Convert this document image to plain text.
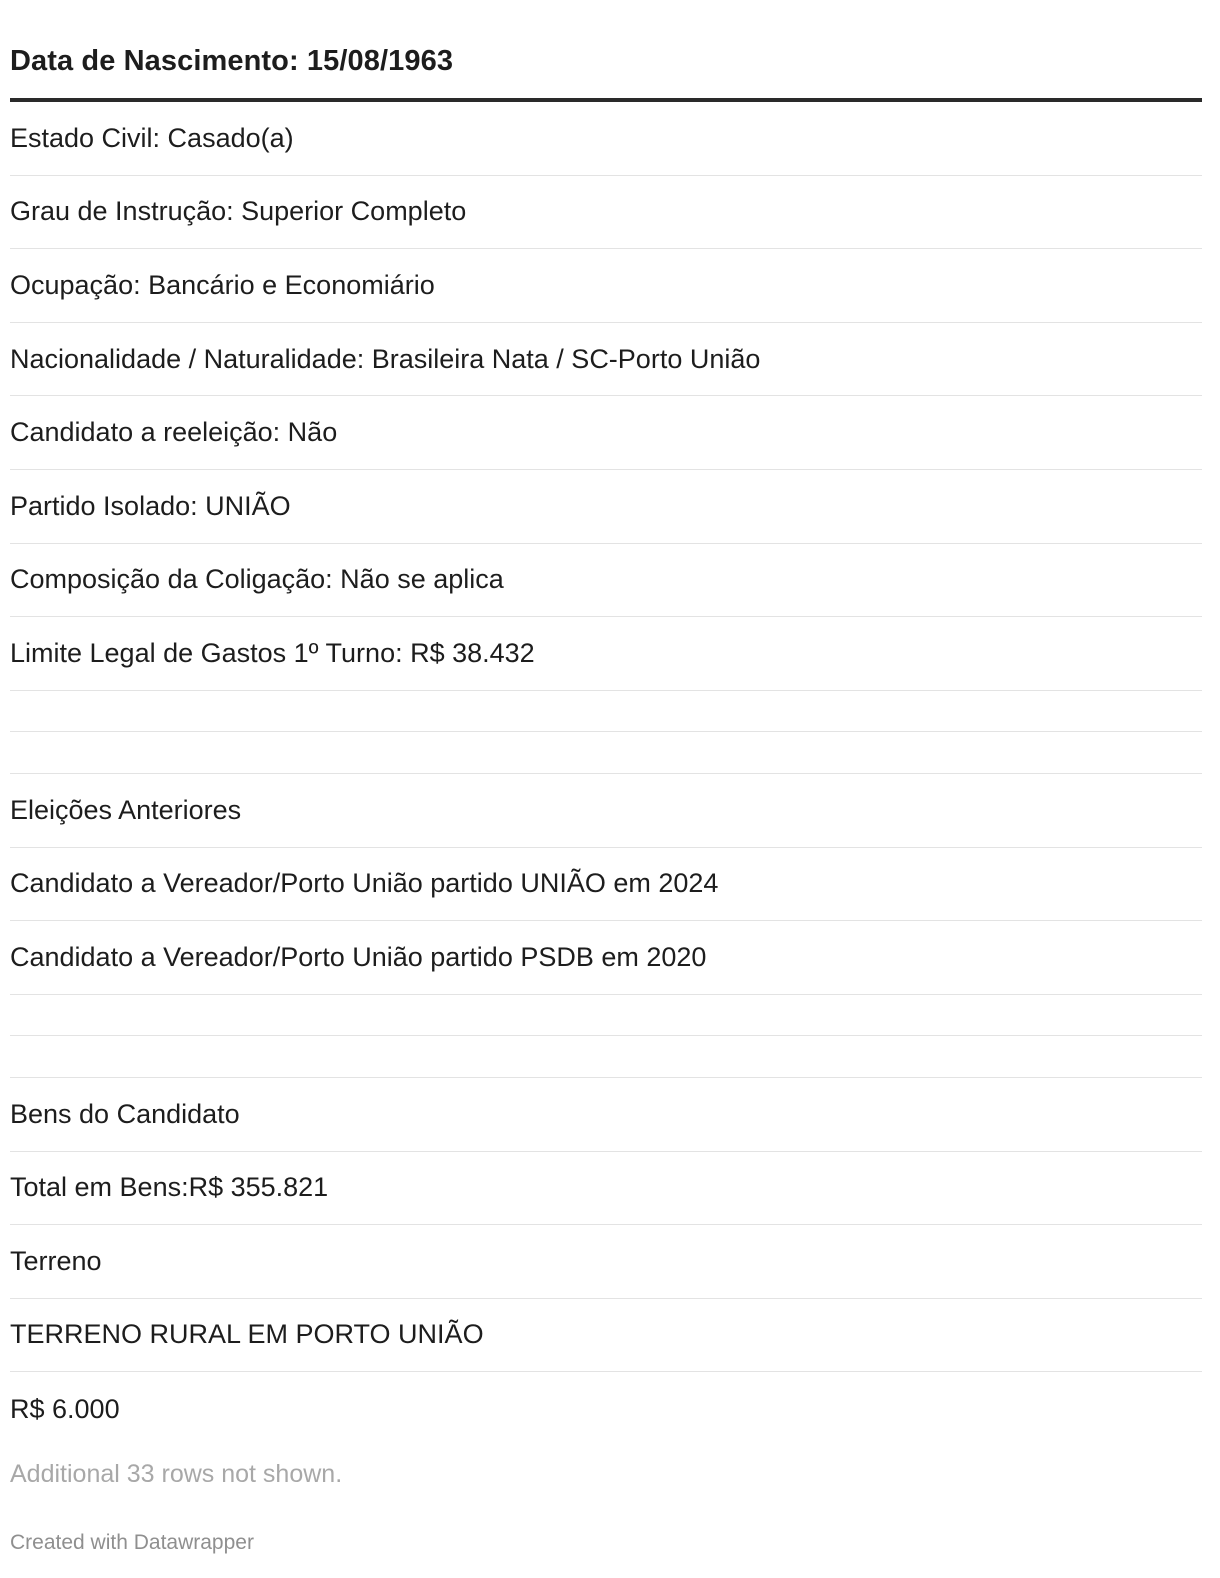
Data de Nascimento: 15/08/1963
Estado Civil: Casado(a)
Grau de Instrução: Superior Completo
Ocupação: Bancário e Economiário
Nacionalidade / Naturalidade: Brasileira Nata / SC-Porto União
Candidato a reeleição: Não
Partido Isolado: UNIÃO
Composição da Coligação: Não se aplica
Limite Legal de Gastos 1º Turno: R$ 38.432
Eleições Anteriores
Candidato a Vereador/Porto União partido UNIÃO em 2024
Candidato a Vereador/Porto União partido PSDB em 2020
Bens do Candidato
Total em Bens:R$ 355.821
Terreno
TERRENO RURAL EM PORTO UNIÃO
R$ 6.000
Additional 33 rows not shown.
Created with Datawrapper
